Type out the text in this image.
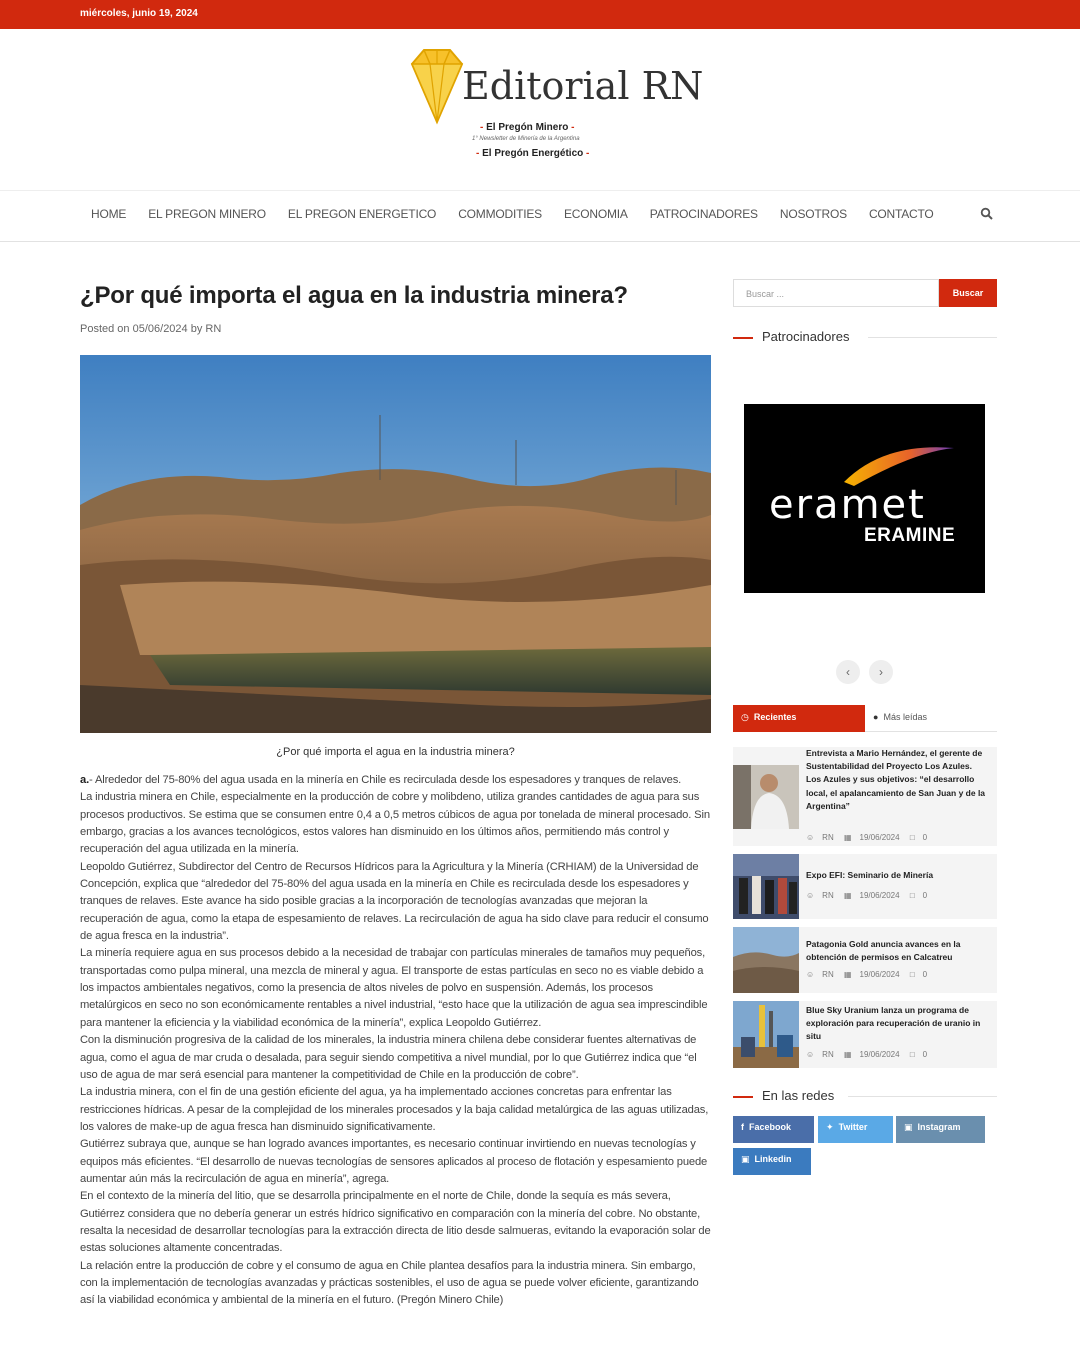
miércoles, junio 19, 2024
Editorial RN
- El Pregón Minero -
1° Newsletter de Minería de la Argentina
- El Pregón Energético -
HOME EL PREGON MINERO EL PREGON ENERGETICO COMMODITIES ECONOMIA PATROCINADORES NOSOTROS CONTACTO
¿Por qué importa el agua en la industria minera?
Posted on 05/06/2024 by RN
¿Por qué importa el agua en la industria minera?

a.- Alrededor del 75-80% del agua usada en la minería en Chile es recirculada desde los espesadores y tranques de relaves.

La industria minera en Chile, especialmente en la producción de cobre y molibdeno, utiliza grandes cantidades de agua para sus procesos productivos. Se estima que se consumen entre 0,4 a 0,5 metros cúbicos de agua por tonelada de mineral procesado. Sin embargo, gracias a los avances tecnológicos, estos valores han disminuido en los últimos años, permitiendo más control y recuperación del agua utilizada en la minería.

Leopoldo Gutiérrez, Subdirector del Centro de Recursos Hídricos para la Agricultura y la Minería (CRHIAM) de la Universidad de Concepción, explica que “alrededor del 75-80% del agua usada en la minería en Chile es recirculada desde los espesadores y tranques de relaves. Este avance ha sido posible gracias a la incorporación de tecnologías avanzadas que mejoran la recuperación de agua, como la etapa de espesamiento de relaves. La recirculación de agua ha sido clave para reducir el consumo de agua fresca en la industria”.

La minería requiere agua en sus procesos debido a la necesidad de trabajar con partículas minerales de tamaños muy pequeños, transportadas como pulpa mineral, una mezcla de mineral y agua. El transporte de estas partículas en seco no es viable debido a los impactos ambientales negativos, como la presencia de altos niveles de polvo en suspensión. Además, los procesos metalúrgicos en seco no son económicamente rentables a nivel industrial, “esto hace que la utilización de agua sea imprescindible para mantener la eficiencia y la viabilidad económica de la minería”, explica Leopoldo Gutiérrez.

Con la disminución progresiva de la calidad de los minerales, la industria minera chilena debe considerar fuentes alternativas de agua, como el agua de mar cruda o desalada, para seguir siendo competitiva a nivel mundial, por lo que Gutiérrez indica que “el uso de agua de mar será esencial para mantener la competitividad de Chile en la producción de cobre”.

La industria minera, con el fin de una gestión eficiente del agua, ya ha implementado acciones concretas para enfrentar las restricciones hídricas. A pesar de la complejidad de los minerales procesados y la baja calidad metalúrgica de las aguas utilizadas, los valores de make-up de agua fresca han disminuido significativamente.

Gutiérrez subraya que, aunque se han logrado avances importantes, es necesario continuar invirtiendo en nuevas tecnologías y equipos más eficientes. “El desarrollo de nuevas tecnologías de sensores aplicados al proceso de flotación y espesamiento puede aumentar aún más la recirculación de agua en minería”, agrega.

En el contexto de la minería del litio, que se desarrolla principalmente en el norte de Chile, donde la sequía es más severa, Gutiérrez considera que no debería generar un estrés hídrico significativo en comparación con la minería del cobre. No obstante, resalta la necesidad de desarrollar tecnologías para la extracción directa de litio desde salmueras, evitando la evaporación solar de estas soluciones altamente concentradas.

La relación entre la producción de cobre y el consumo de agua en Chile plantea desafíos para la industria minera. Sin embargo, con la implementación de tecnologías avanzadas y prácticas sostenibles, el uso de agua se puede volver eficiente, garantizando así la viabilidad económica y ambiental de la minería en el futuro. (Pregón Minero Chile)

Buscar ...	Buscar
Patrocinadores
eramet
ERAMINE
‹	›
◷ Recientes	● Más leídas
Entrevista a Mario Hernández, el gerente de Sustentabilidad del Proyecto Los Azules. Los Azules y sus objetivos: “el desarrollo local, el apalancamiento de San Juan y de la Argentina”
☺ RN ▦ 19/06/2024 □ 0
Expo EFI: Seminario de Minería
☺ RN ▦ 19/06/2024 □ 0
Patagonia Gold anuncia avances en la obtención de permisos en Calcatreu
☺ RN ▦ 19/06/2024 □ 0
Blue Sky Uranium lanza un programa de exploración para recuperación de uranio in situ
☺ RN ▦ 19/06/2024 □ 0
En las redes
f Facebook	✦ Twitter	▣ Instagram
▣ Linkedin
